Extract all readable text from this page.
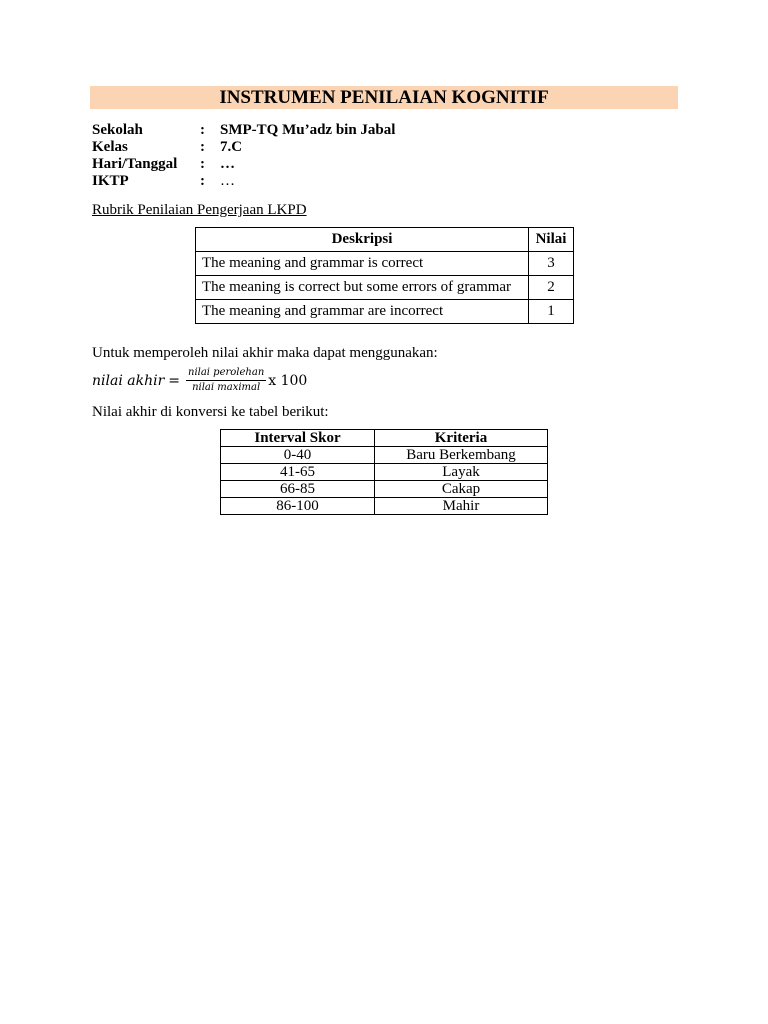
INSTRUMEN PENILAIAN KOGNITIF
Sekolah	:	SMP-TQ Mu’adz bin Jabal
Kelas	:	7.C
Hari/Tanggal	:	…
IKTP	:	…
Rubrik Penilaian Pengerjaan LKPD
Deskripsi	Nilai
The meaning and grammar is correct	3
The meaning is correct but some errors of grammar	2
The meaning and grammar are incorrect	1
Untuk memperoleh nilai akhir maka dapat menggunakan:
nilai akhir = $\frac{\text{nilai perolehan}}{\text{nilai maximal}}$ x 100
Nilai akhir di konversi ke tabel berikut:
Interval Skor	Kriteria
0-40	Baru Berkembang
41-65	Layak
66-85	Cakap
86-100	Mahir
